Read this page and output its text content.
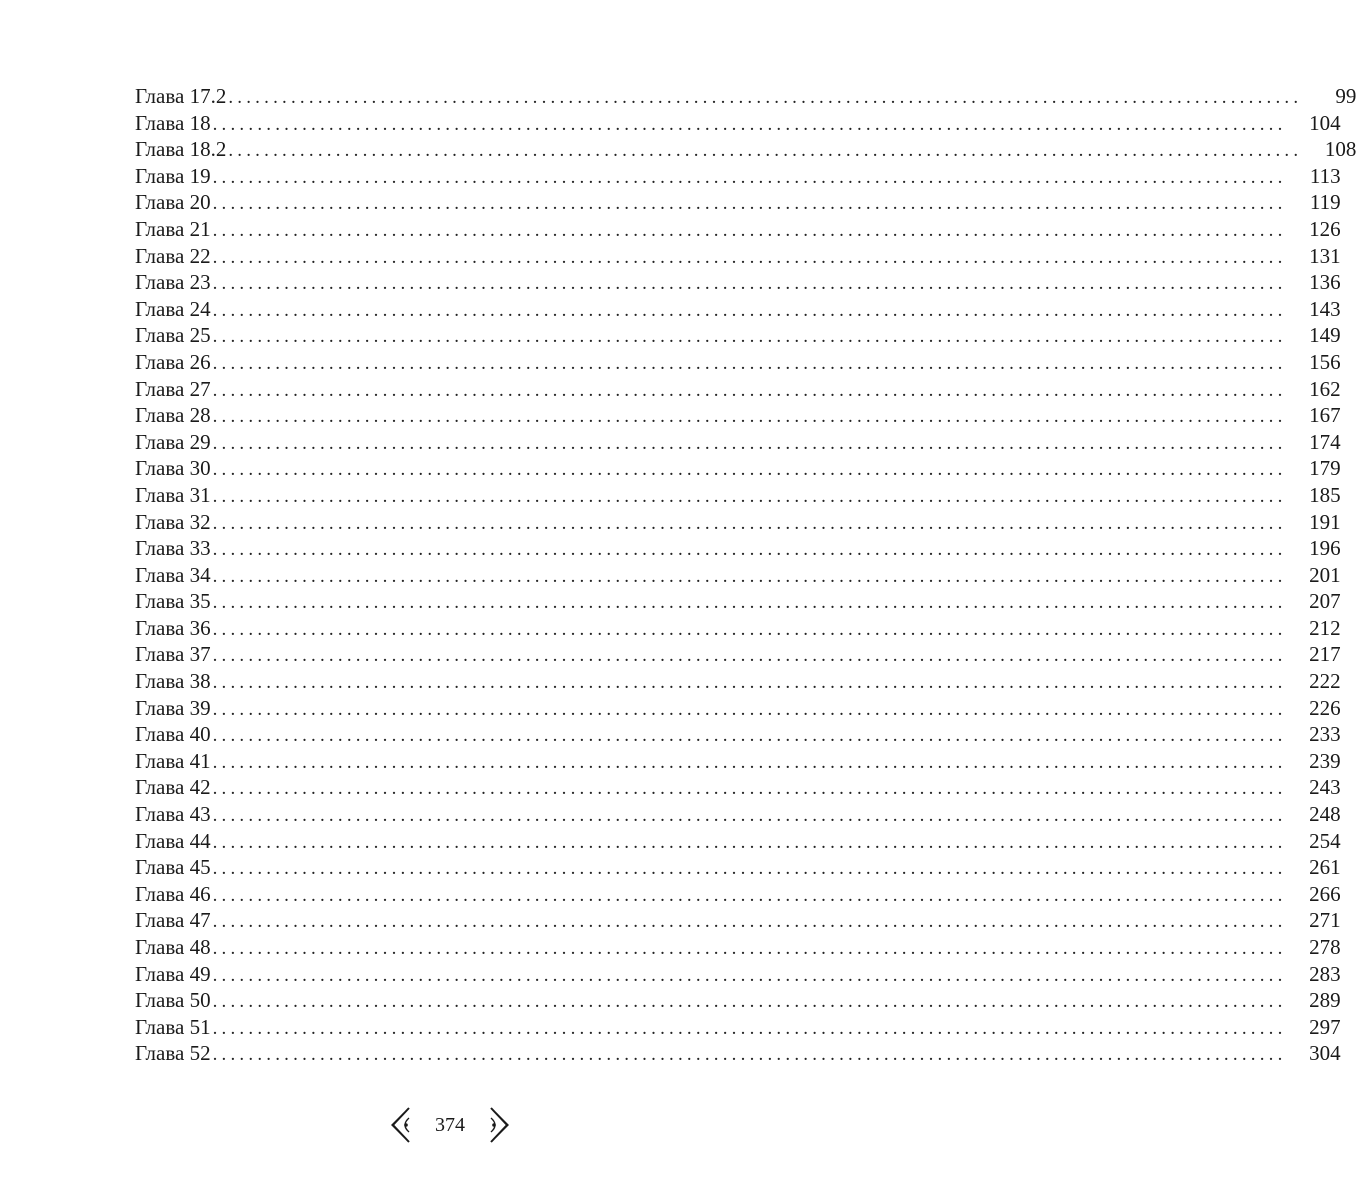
Глава 17.2 ........................................................................................................................	99
Глава 18 ........................................................................................................................ 104
Глава 18.2 ........................................................................................................................ 108
Глава 19 ........................................................................................................................ 113
Глава 20 ........................................................................................................................ 119
Глава 21 ........................................................................................................................ 126
Глава 22 ........................................................................................................................ 131
Глава 23 ........................................................................................................................ 136
Глава 24 ........................................................................................................................ 143
Глава 25 ........................................................................................................................ 149
Глава 26 ........................................................................................................................ 156
Глава 27 ........................................................................................................................ 162
Глава 28 ........................................................................................................................ 167
Глава 29 ........................................................................................................................ 174
Глава 30 ........................................................................................................................ 179
Глава 31 ........................................................................................................................ 185
Глава 32 ........................................................................................................................ 191
Глава 33 ........................................................................................................................ 196
Глава 34 ........................................................................................................................ 201
Глава 35 ........................................................................................................................ 207
Глава 36 ........................................................................................................................ 212
Глава 37 ........................................................................................................................ 217
Глава 38 ........................................................................................................................ 222
Глава 39 ........................................................................................................................ 226
Глава 40 ........................................................................................................................ 233
Глава 41 ........................................................................................................................ 239
Глава 42 ........................................................................................................................ 243
Глава 43 ........................................................................................................................ 248
Глава 44 ........................................................................................................................ 254
Глава 45 ........................................................................................................................ 261
Глава 46 ........................................................................................................................ 266
Глава 47 ........................................................................................................................ 271
Глава 48 ........................................................................................................................ 278
Глава 49 ........................................................................................................................ 283
Глава 50 ........................................................................................................................ 289
Глава 51 ........................................................................................................................ 297
Глава 52 ........................................................................................................................ 304
374
